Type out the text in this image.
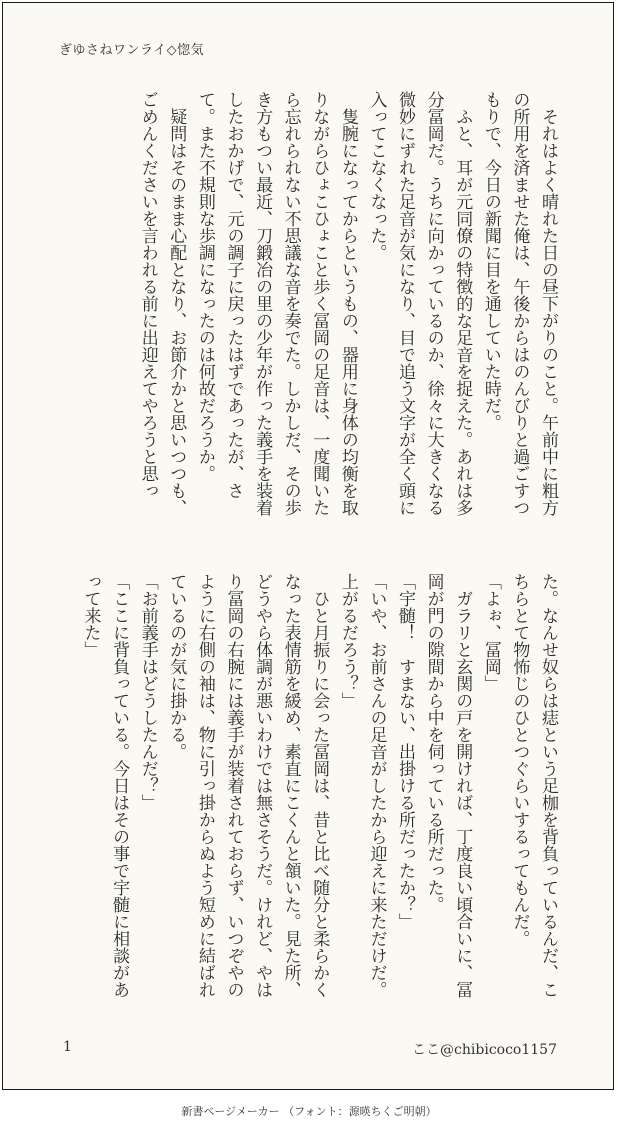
ぎゆさねワンライ◇惚気

　それはよく晴れた日の昼下がりのこと。午前中に粗方の所用を済ませた俺は、午後からはのんびりと過ごすつもりで、今日の新聞に目を通していた時だ。

　ふと、耳が元同僚の特徴的な足音を捉えた。あれは多分冨岡だ。うちに向かっているのか、徐々に大きくなる微妙にずれた足音が気になり、目で追う文字が全く頭に入ってこなくなった。

　隻腕になってからというもの、器用に身体の均衡を取りながらひょこひょこと歩く冨岡の足音は、一度聞いたら忘れられない不思議な音を奏でた。しかしだ、その歩き方もつい最近、刀鍛冶の里の少年が作った義手を装着したおかげで、元の調子に戻ったはずであったが、さて。また不規則な歩調になったのは何故だろうか。

　疑問はそのまま心配となり、お節介かと思いつつも、ごめんくださいを言われる前に出迎えてやろうと思っ

た。なんせ奴らは痣という足枷を背負っているんだ、こちらとて物怖じのひとつぐらいするってもんだ。

「よぉ、冨岡」

　ガラリと玄関の戸を開ければ、丁度良い頃合いに、冨岡が門の隙間から中を伺っている所だった。

「宇髄！　すまない、出掛ける所だったか？」

「いや、お前さんの足音がしたから迎えに来ただけだ。上がるだろう？」

　ひと月振りに会った冨岡は、昔と比べ随分と柔らかくなった表情筋を緩め、素直にこくんと頷いた。見た所、どうやら体調が悪いわけでは無さそうだ。けれど、やはり冨岡の右腕には義手が装着されておらず、いつぞやのように右側の袖は、物に引っ掛からぬよう短めに結ばれているのが気に掛かる。

「お前義手はどうしたんだ？」

「ここに背負っている。今日はその事で宇髄に相談があって来た」

1	ここ@chibicoco1157
新書ページメーカー （フォント：源暎ちくご明朝）
